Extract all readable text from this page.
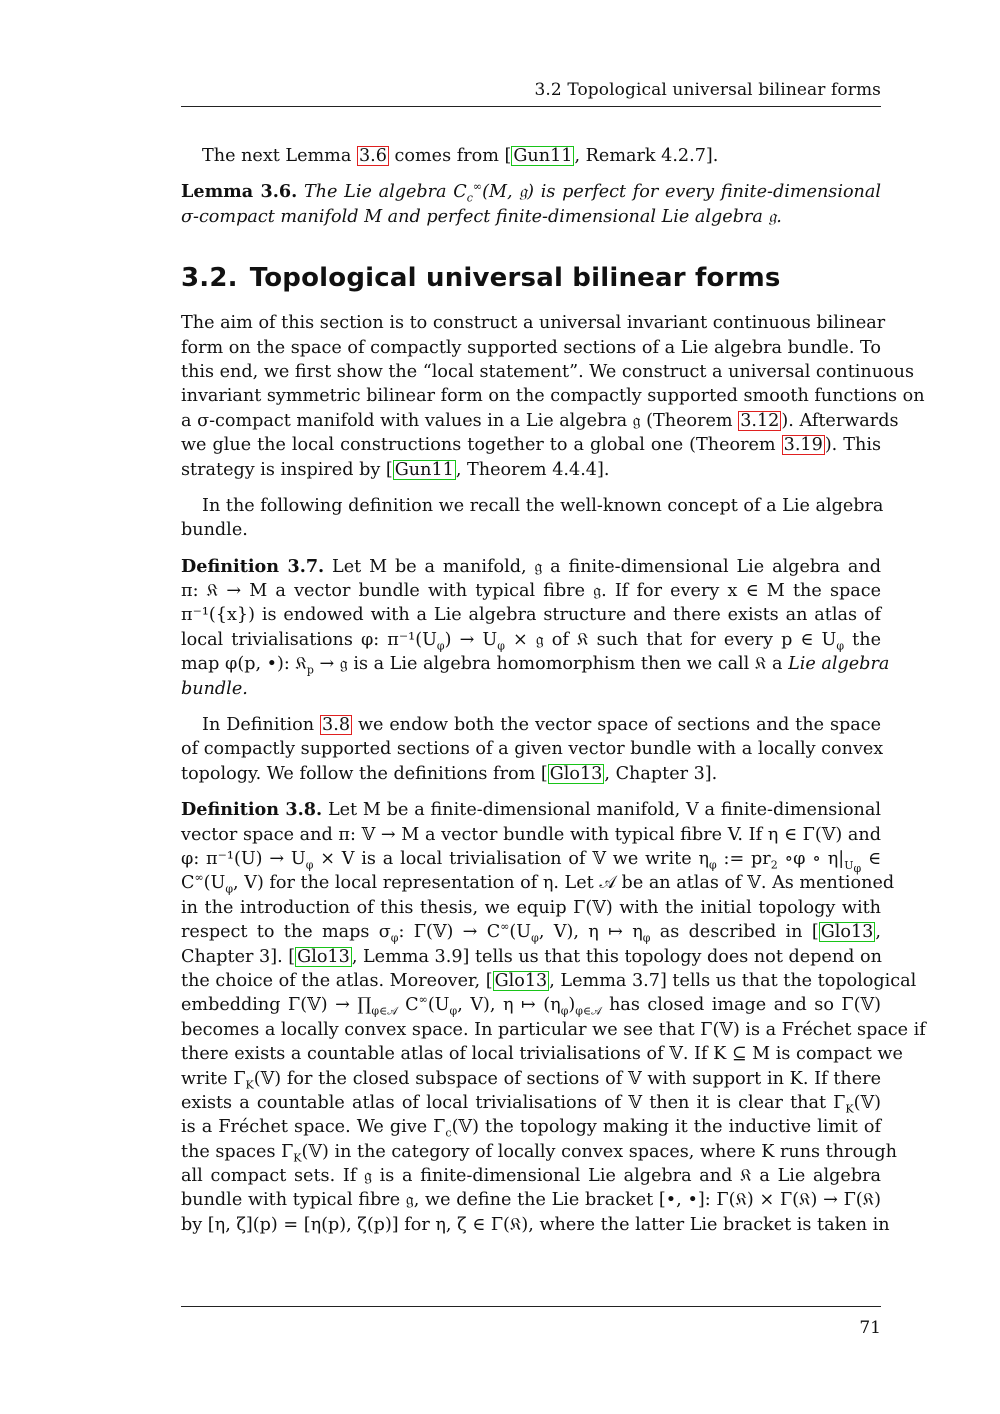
3.2 Topological universal bilinear forms
The next Lemma 3.6 comes from [ Gun11 , Remark 4.2.7].
Lemma 3.6. The Lie algebra $C_c^\infty(M$, 𝔤) is perfect for every finite-dimensional
σ-compact manifold M and perfect finite-dimensional Lie algebra 𝔤.
3.2. Topological universal bilinear forms
The aim of this section is to construct a universal invariant continuous bilinear
form on the space of compactly supported sections of a Lie algebra bundle. To
this end, we first show the “local statement”. We construct a universal continuous
invariant symmetric bilinear form on the compactly supported smooth functions on
a σ-compact manifold with values in a Lie algebra 𝔤 (Theorem 3.12 ). Afterwards
we glue the local constructions together to a global one (Theorem 3.19 ). This
strategy is inspired by [ Gun11 , Theorem 4.4.4].
In the following definition we recall the well-known concept of a Lie algebra
bundle.
Definition 3.7. Let M be a manifold, 𝔤 a finite-dimensional Lie algebra and
π: 𝔎 → M a vector bundle with typical fibre 𝔤. If for every x ∈ M the space
π⁻¹({x}) is endowed with a Lie algebra structure and there exists an atlas of
local trivialisations φ: $\pi^{-1}(U_\varphi) \to U_\varphi$ × 𝔤 of 𝔎 such that for every p ∈ $U_\varphi$ the
map φ(p, •): 𝔎$_p$ → 𝔤 is a Lie algebra homomorphism then we call 𝔎 a Lie algebra
bundle.
In Definition 3.8 we endow both the vector space of sections and the space
of compactly supported sections of a given vector bundle with a locally convex
topology. We follow the definitions from [ Glo13 , Chapter 3].
Definition 3.8. Let M be a finite-dimensional manifold, V a finite-dimensional
vector space and π: 𝕍 → M a vector bundle with typical fibre V. If η ∈ Γ(𝕍) and
φ: $\pi^{-1}(U) \to U_\varphi \times V$ is a local trivialisation of 𝕍 we write $\eta_\varphi$ := $pr_2$ ∘φ ∘ $\eta|_{U_\varphi}$ ∈
$C^\infty(U_\varphi$, V) for the local representation of η. Let 𝒜 be an atlas of 𝕍. As mentioned
in the introduction of this thesis, we equip Γ(𝕍) with the initial topology with
respect to the maps $\sigma_\varphi$: Γ(𝕍) → $C^\infty(U_\varphi$, V), η ↦ $\eta_\varphi$ as described in [ Glo13 ,
Chapter 3]. [ Glo13 , Lemma 3.9] tells us that this topology does not depend on
the choice of the atlas. Moreover, [ Glo13 , Lemma 3.7] tells us that the topological
embedding Γ(𝕍) → $\prod_{\varphi\in 𝒜}$ $C^\infty(U_\varphi$, V), η ↦ $(\eta_\varphi)_{\varphi\in 𝒜}$ has closed image and so Γ(𝕍)
becomes a locally convex space. In particular we see that Γ(𝕍) is a Fréchet space if
there exists a countable atlas of local trivialisations of 𝕍. If K ⊆ M is compact we
write $\Gamma_K(𝕍)$ for the closed subspace of sections of 𝕍 with support in K. If there
exists a countable atlas of local trivialisations of 𝕍 then it is clear that $\Gamma_K(𝕍)$
is a Fréchet space. We give $\Gamma_c(𝕍)$ the topology making it the inductive limit of
the spaces $\Gamma_K(𝕍)$ in the category of locally convex spaces, where K runs through
all compact sets. If 𝔤 is a finite-dimensional Lie algebra and 𝔎 a Lie algebra
bundle with typical fibre 𝔤, we define the Lie bracket [•, •]: Γ(𝔎) × Γ(𝔎) → Γ(𝔎)
by [η, ζ](p) = [η(p), ζ(p)] for η, ζ ∈ Γ(𝔎), where the latter Lie bracket is taken in
71
